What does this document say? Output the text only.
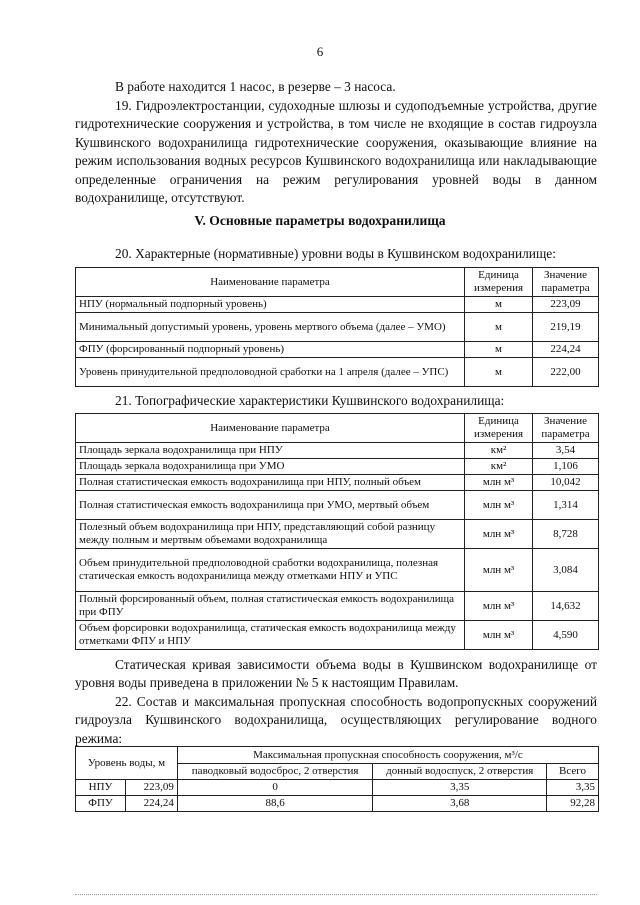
6
В работе находится 1 насос, в резерве – 3 насоса.
19. Гидроэлектростанции, судоходные шлюзы и судоподъемные устройства, другие гидротехнические сооружения и устройства, в том числе не входящие в состав гидроузла Кушвинского водохранилища гидротехнические сооружения, оказывающие влияние на режим использования водных ресурсов Кушвинского водохранилища или накладывающие определенные ограничения на режим регулирования уровней воды в данном водохранилище, отсутствуют.
V. Основные параметры водохранилища
20. Характерные (нормативные) уровни воды в Кушвинском водохранилище:
Наименование параметра	Единица измерения	Значение параметра
НПУ (нормальный подпорный уровень)	м	223,09
Минимальный допустимый уровень, уровень мертвого объема (далее – УМО)	м	219,19
ФПУ (форсированный подпорный уровень)	м	224,24
Уровень принудительной предполоводной сработки на 1 апреля (далее – УПС)	м	222,00
21. Топографические характеристики Кушвинского водохранилища:
Наименование параметра	Единица измерения	Значение параметра
Площадь зеркала водохранилища при НПУ	км²	3,54
Площадь зеркала водохранилища при УМО	км²	1,106
Полная статистическая емкость водохранилища при НПУ, полный объем	млн м³	10,042
Полная статистическая емкость водохранилища при УМО, мертвый объем	млн м³	1,314
Полезный объем водохранилища при НПУ, представляющий собой разницу между полным и мертвым объемами водохранилища	млн м³	8,728
Объем принудительной предполоводной сработки водохранилища, полезная статическая емкость водохранилища между отметками НПУ и УПС	млн м³	3,084
Полный форсированный объем, полная статистическая емкость водохранилища при ФПУ	млн м³	14,632
Объем форсировки водохранилища, статическая емкость водохранилища между отметками ФПУ и НПУ	млн м³	4,590
Статическая кривая зависимости объема воды в Кушвинском водохранилище от уровня воды приведена в приложении № 5 к настоящим Правилам.
22. Состав и максимальная пропускная способность водопропускных сооружений гидроузла Кушвинского водохранилища, осуществляющих регулирование водного режима:
Уровень воды, м		Максимальная пропускная способность сооружения, м³/с		
		паводковый водосброс, 2 отверстия	донный водоспуск, 2 отверстия	Всего
НПУ	223,09	0	3,35	3,35
ФПУ	224,24	88,6	3,68	92,28
